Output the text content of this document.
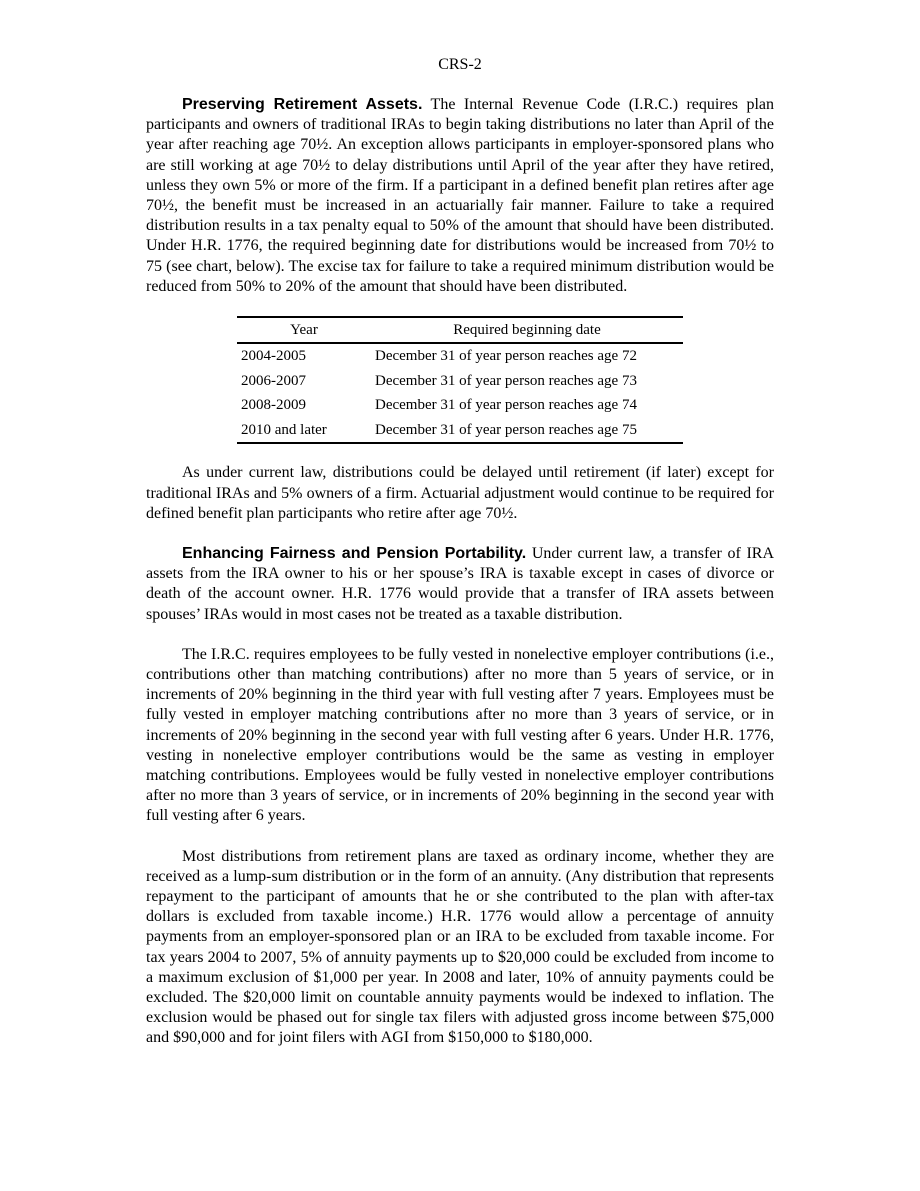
CRS-2

Preserving Retirement Assets. The Internal Revenue Code (I.R.C.) requires plan participants and owners of traditional IRAs to begin taking distributions no later than April of the year after reaching age 70½. An exception allows participants in employer-sponsored plans who are still working at age 70½ to delay distributions until April of the year after they have retired, unless they own 5% or more of the firm. If a participant in a defined benefit plan retires after age 70½, the benefit must be increased in an actuarially fair manner. Failure to take a required distribution results in a tax penalty equal to 50% of the amount that should have been distributed. Under H.R. 1776, the required beginning date for distributions would be increased from 70½ to 75 (see chart, below). The excise tax for failure to take a required minimum distribution would be reduced from 50% to 20% of the amount that should have been distributed.

Year	Required beginning date
2004-2005	December 31 of year person reaches age 72
2006-2007	December 31 of year person reaches age 73
2008-2009	December 31 of year person reaches age 74
2010 and later	December 31 of year person reaches age 75

As under current law, distributions could be delayed until retirement (if later) except for traditional IRAs and 5% owners of a firm. Actuarial adjustment would continue to be required for defined benefit plan participants who retire after age 70½.

Enhancing Fairness and Pension Portability. Under current law, a transfer of IRA assets from the IRA owner to his or her spouse’s IRA is taxable except in cases of divorce or death of the account owner. H.R. 1776 would provide that a transfer of IRA assets between spouses’ IRAs would in most cases not be treated as a taxable distribution.

The I.R.C. requires employees to be fully vested in nonelective employer contributions (i.e., contributions other than matching contributions) after no more than 5 years of service, or in increments of 20% beginning in the third year with full vesting after 7 years. Employees must be fully vested in employer matching contributions after no more than 3 years of service, or in increments of 20% beginning in the second year with full vesting after 6 years. Under H.R. 1776, vesting in nonelective employer contributions would be the same as vesting in employer matching contributions. Employees would be fully vested in nonelective employer contributions after no more than 3 years of service, or in increments of 20% beginning in the second year with full vesting after 6 years.

Most distributions from retirement plans are taxed as ordinary income, whether they are received as a lump-sum distribution or in the form of an annuity. (Any distribution that represents repayment to the participant of amounts that he or she contributed to the plan with after-tax dollars is excluded from taxable income.) H.R. 1776 would allow a percentage of annuity payments from an employer-sponsored plan or an IRA to be excluded from taxable income. For tax years 2004 to 2007, 5% of annuity payments up to $20,000 could be excluded from income to a maximum exclusion of $1,000 per year. In 2008 and later, 10% of annuity payments could be excluded. The $20,000 limit on countable annuity payments would be indexed to inflation. The exclusion would be phased out for single tax filers with adjusted gross income between $75,000 and $90,000 and for joint filers with AGI from $150,000 to $180,000.
